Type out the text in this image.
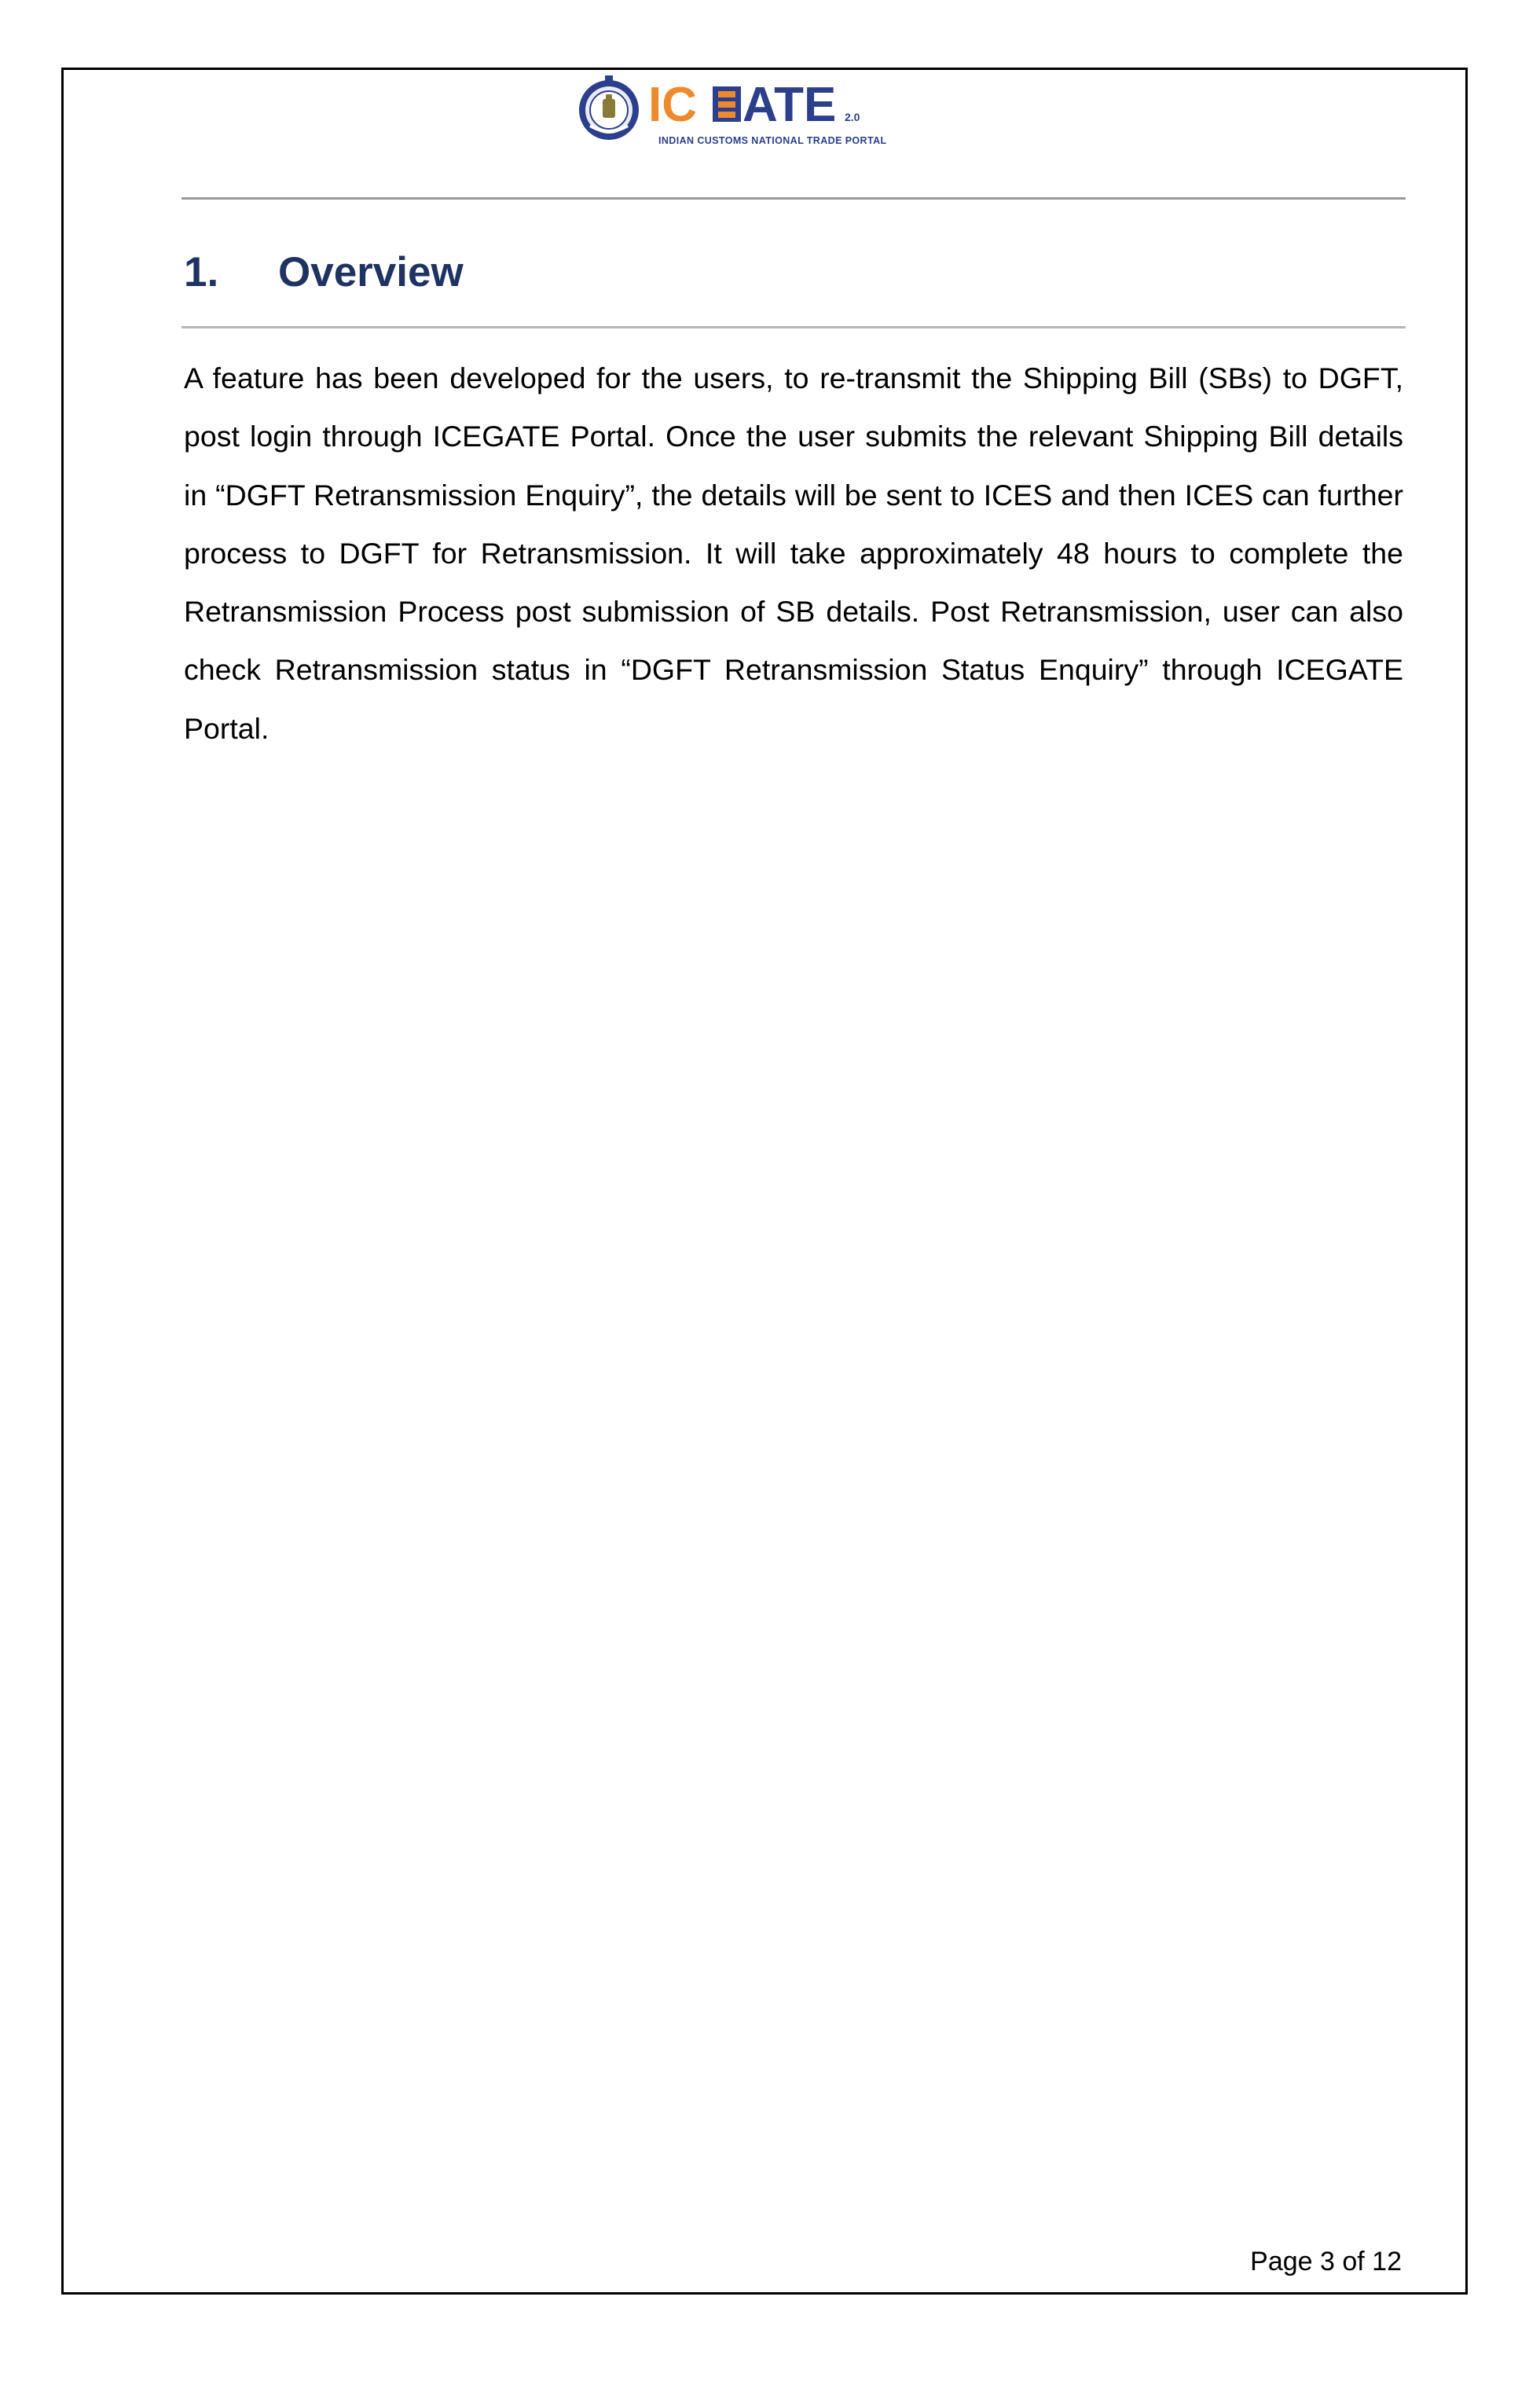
IC ATE 2.0
INDIAN CUSTOMS NATIONAL TRADE PORTAL
1. Overview

A feature has been developed for the users, to re-transmit the Shipping Bill (SBs) to DGFT, post login through ICEGATE Portal. Once the user submits the relevant Shipping Bill details in “DGFT Retransmission Enquiry”, the details will be sent to ICES and then ICES can further process to DGFT for Retransmission. It will take approximately 48 hours to complete the Retransmission Process post submission of SB details. Post Retransmission, user can also check Retransmission status in “DGFT Retransmission Status Enquiry” through ICEGATE Portal.

Page 3 of 12
